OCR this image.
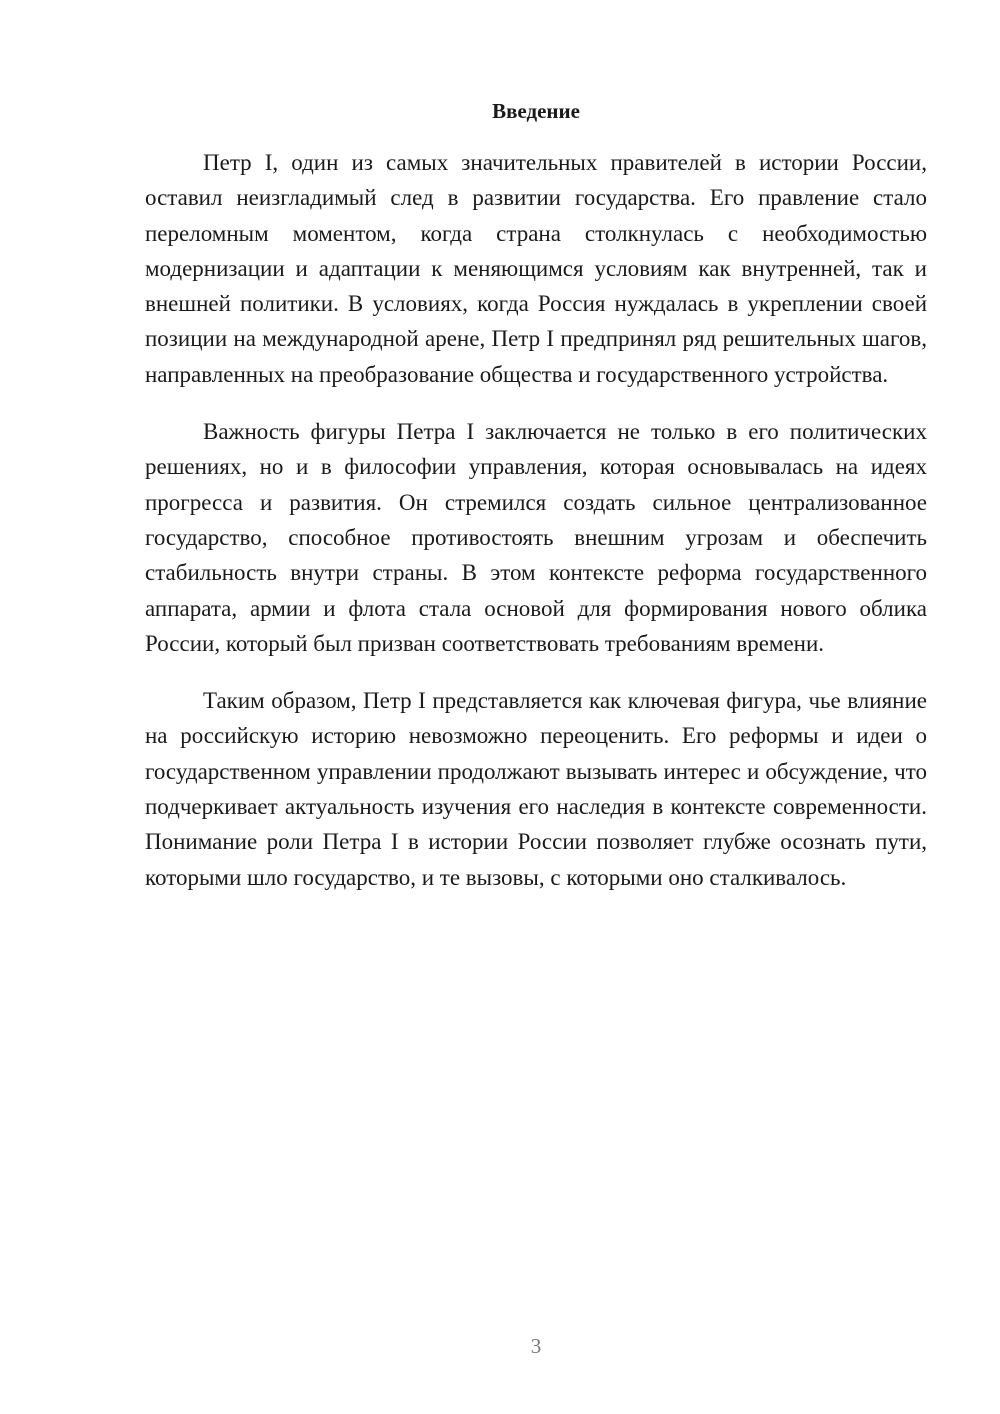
Введение

Петр I, один из самых значительных правителей в истории России, оставил неизгладимый след в развитии государства. Его правление стало переломным моментом, когда страна столкнулась с необходимостью модернизации и адаптации к меняющимся условиям как внутренней, так и внешней политики. В условиях, когда Россия нуждалась в укреплении своей позиции на международной арене, Петр I предпринял ряд решительных шагов, направленных на преобразование общества и государственного устройства.

Важность фигуры Петра I заключается не только в его политических решениях, но и в философии управления, которая основывалась на идеях прогресса и развития. Он стремился создать сильное централизованное государство, способное противостоять внешним угрозам и обеспечить стабильность внутри страны. В этом контексте реформа государственного аппарата, армии и флота стала основой для формирования нового облика России, который был призван соответствовать требованиям времени.

Таким образом, Петр I представляется как ключевая фигура, чье влияние на российскую историю невозможно переоценить. Его реформы и идеи о государственном управлении продолжают вызывать интерес и обсуждение, что подчеркивает актуальность изучения его наследия в контексте современности. Понимание роли Петра I в истории России позволяет глубже осознать пути, которыми шло государство, и те вызовы, с которыми оно сталкивалось.

3
